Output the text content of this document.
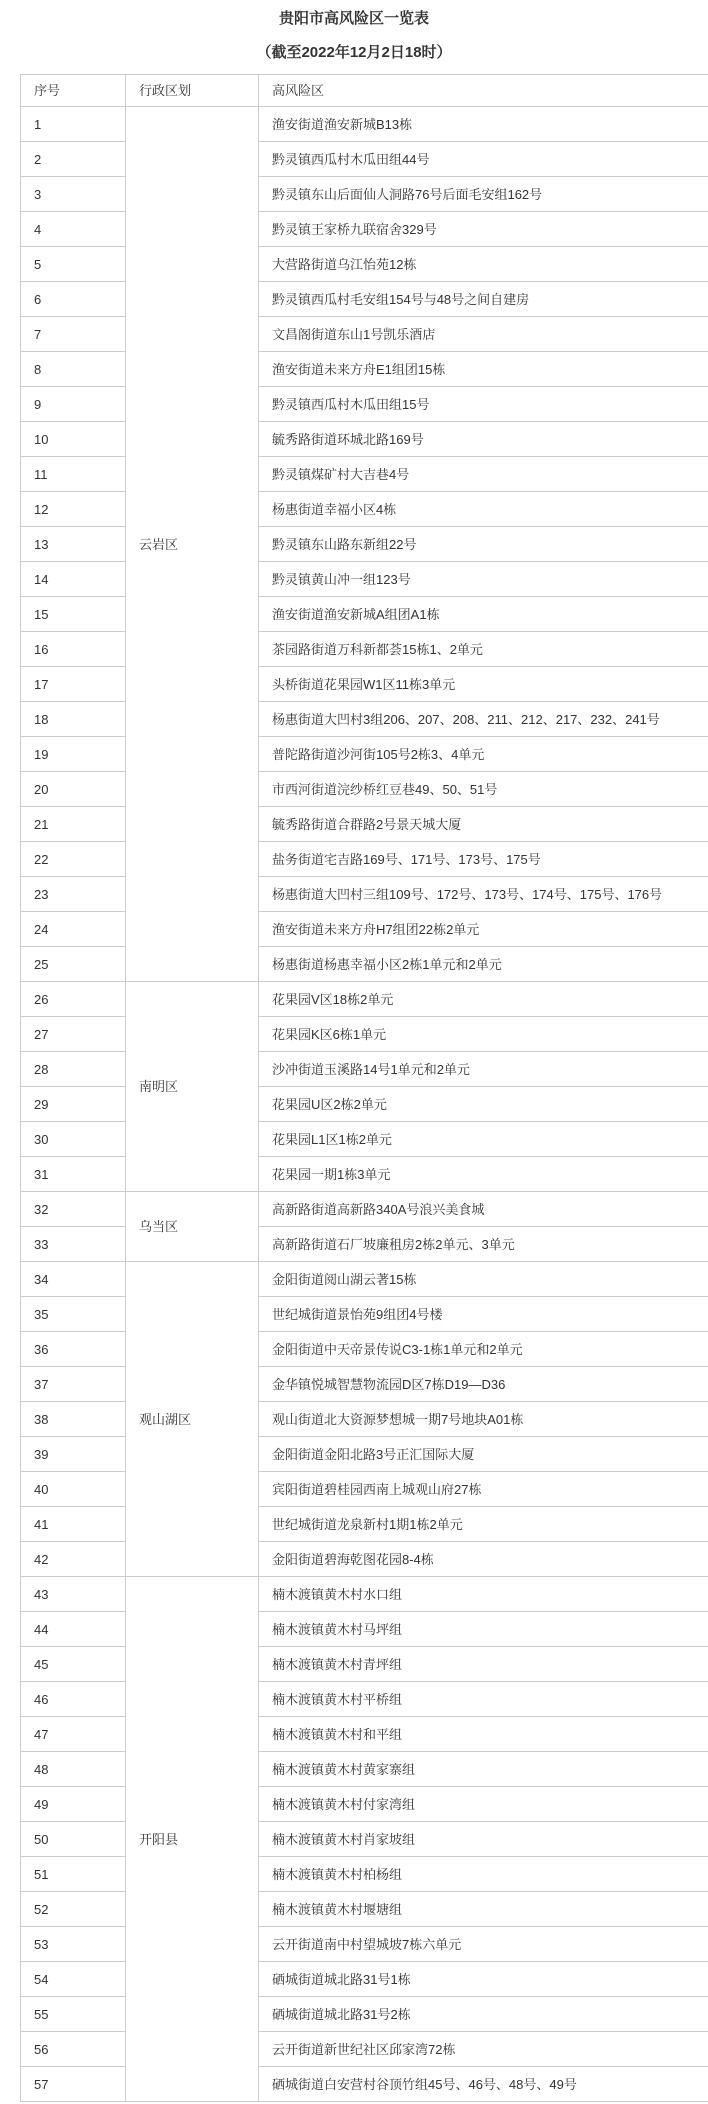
贵阳市高风险区一览表
（截至2022年12月2日18时）
序号	行政区划	高风险区
1	云岩区	渔安街道渔安新城B13栋
2		黔灵镇西瓜村木瓜田组44号
3		黔灵镇东山后面仙人洞路76号后面毛安组162号
4		黔灵镇王家桥九联宿舍329号
5		大营路街道乌江怡苑12栋
6		黔灵镇西瓜村毛安组154号与48号之间自建房
7		文昌阁街道东山1号凯乐酒店
8		渔安街道未来方舟E1组团15栋
9		黔灵镇西瓜村木瓜田组15号
10		毓秀路街道环城北路169号
11		黔灵镇煤矿村大吉巷4号
12		杨惠街道幸福小区4栋
13		黔灵镇东山路东新组22号
14		黔灵镇黄山冲一组123号
15		渔安街道渔安新城A组团A1栋
16		茶园路街道万科新都荟15栋1、2单元
17		头桥街道花果园W1区11栋3单元
18		杨惠街道大凹村3组206、207、208、211、212、217、232、241号
19		普陀路街道沙河街105号2栋3、4单元
20		市西河街道浣纱桥红豆巷49、50、51号
21		毓秀路街道合群路2号景天城大厦
22		盐务街道宅吉路169号、171号、173号、175号
23		杨惠街道大凹村三组109号、172号、173号、174号、175号、176号
24		渔安街道未来方舟H7组团22栋2单元
25		杨惠街道杨惠幸福小区2栋1单元和2单元
26	南明区	花果园V区18栋2单元
27		花果园K区6栋1单元
28		沙冲街道玉溪路14号1单元和2单元
29		花果园U区2栋2单元
30		花果园L1区1栋2单元
31		花果园一期1栋3单元
32	乌当区	高新路街道高新路340A号浪兴美食城
33		高新路街道石厂坡廉租房2栋2单元、3单元
34	观山湖区	金阳街道阅山湖云著15栋
35		世纪城街道景怡苑9组团4号楼
36		金阳街道中天帝景传说C3-1栋1单元和2单元
37		金华镇悦城智慧物流园D区7栋D19—D36
38		观山街道北大资源梦想城一期7号地块A01栋
39		金阳街道金阳北路3号正汇国际大厦
40		宾阳街道碧桂园西南上城观山府27栋
41		世纪城街道龙泉新村1期1栋2单元
42		金阳街道碧海乾图花园8-4栋
43	开阳县	楠木渡镇黄木村水口组
44		楠木渡镇黄木村马坪组
45		楠木渡镇黄木村青坪组
46		楠木渡镇黄木村平桥组
47		楠木渡镇黄木村和平组
48		楠木渡镇黄木村黄家寨组
49		楠木渡镇黄木村付家湾组
50		楠木渡镇黄木村肖家坡组
51		楠木渡镇黄木村柏杨组
52		楠木渡镇黄木村堰塘组
53		云开街道南中村望城坡7栋六单元
54		硒城街道城北路31号1栋
55		硒城街道城北路31号2栋
56		云开街道新世纪社区邱家湾72栋
57		硒城街道白安营村谷顶竹组45号、46号、48号、49号
